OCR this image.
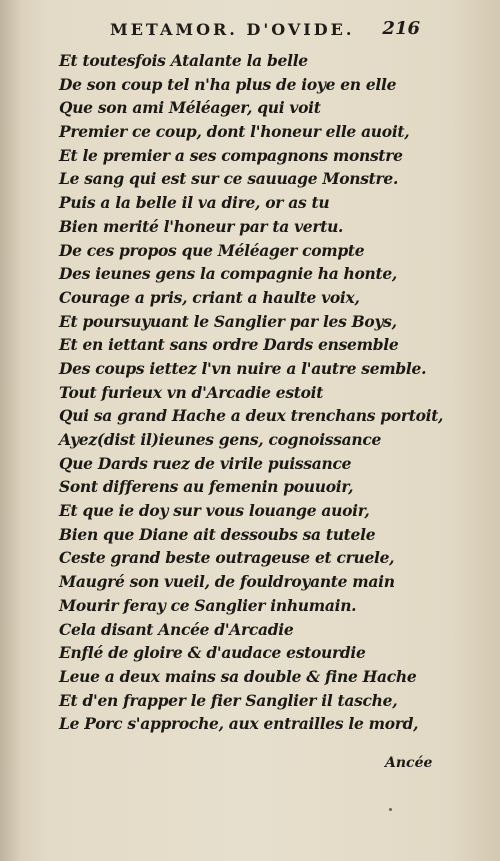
METAMOR. D'OVIDE. 216
Et toutesfois Atalante la belle
De son coup tel n'ha plus de ioye en elle
Que son ami Méléager, qui voit
Premier ce coup, dont l'honeur elle auoit,
Et le premier a ses compagnons monstre
Le sang qui est sur ce sauuage Monstre.
Puis a la belle il va dire, or as tu
Bien merité l'honeur par ta vertu.
De ces propos que Méléager compte
Des ieunes gens la compagnie ha honte,
Courage a pris, criant a haulte voix,
Et poursuyuant le Sanglier par les Boys,
Et en iettant sans ordre Dards ensemble
Des coups iettez l'vn nuire a l'autre semble.
Tout furieux vn d'Arcadie estoit
Qui sa grand Hache a deux trenchans portoit,
Ayez(dist il)ieunes gens, cognoissance
Que Dards ruez de virile puissance
Sont differens au femenin pouuoir,
Et que ie doy sur vous louange auoir,
Bien que Diane ait dessoubs sa tutele
Ceste grand beste outrageuse et cruele,
Maugré son vueil, de fouldroyante main
Mourir feray ce Sanglier inhumain.
Cela disant Ancée d'Arcadie
Enflé de gloire & d'audace estourdie
Leue a deux mains sa double & fine Hache
Et d'en frapper le fier Sanglier il tasche,
Le Porc s'approche, aux entrailles le mord,
Ancée
